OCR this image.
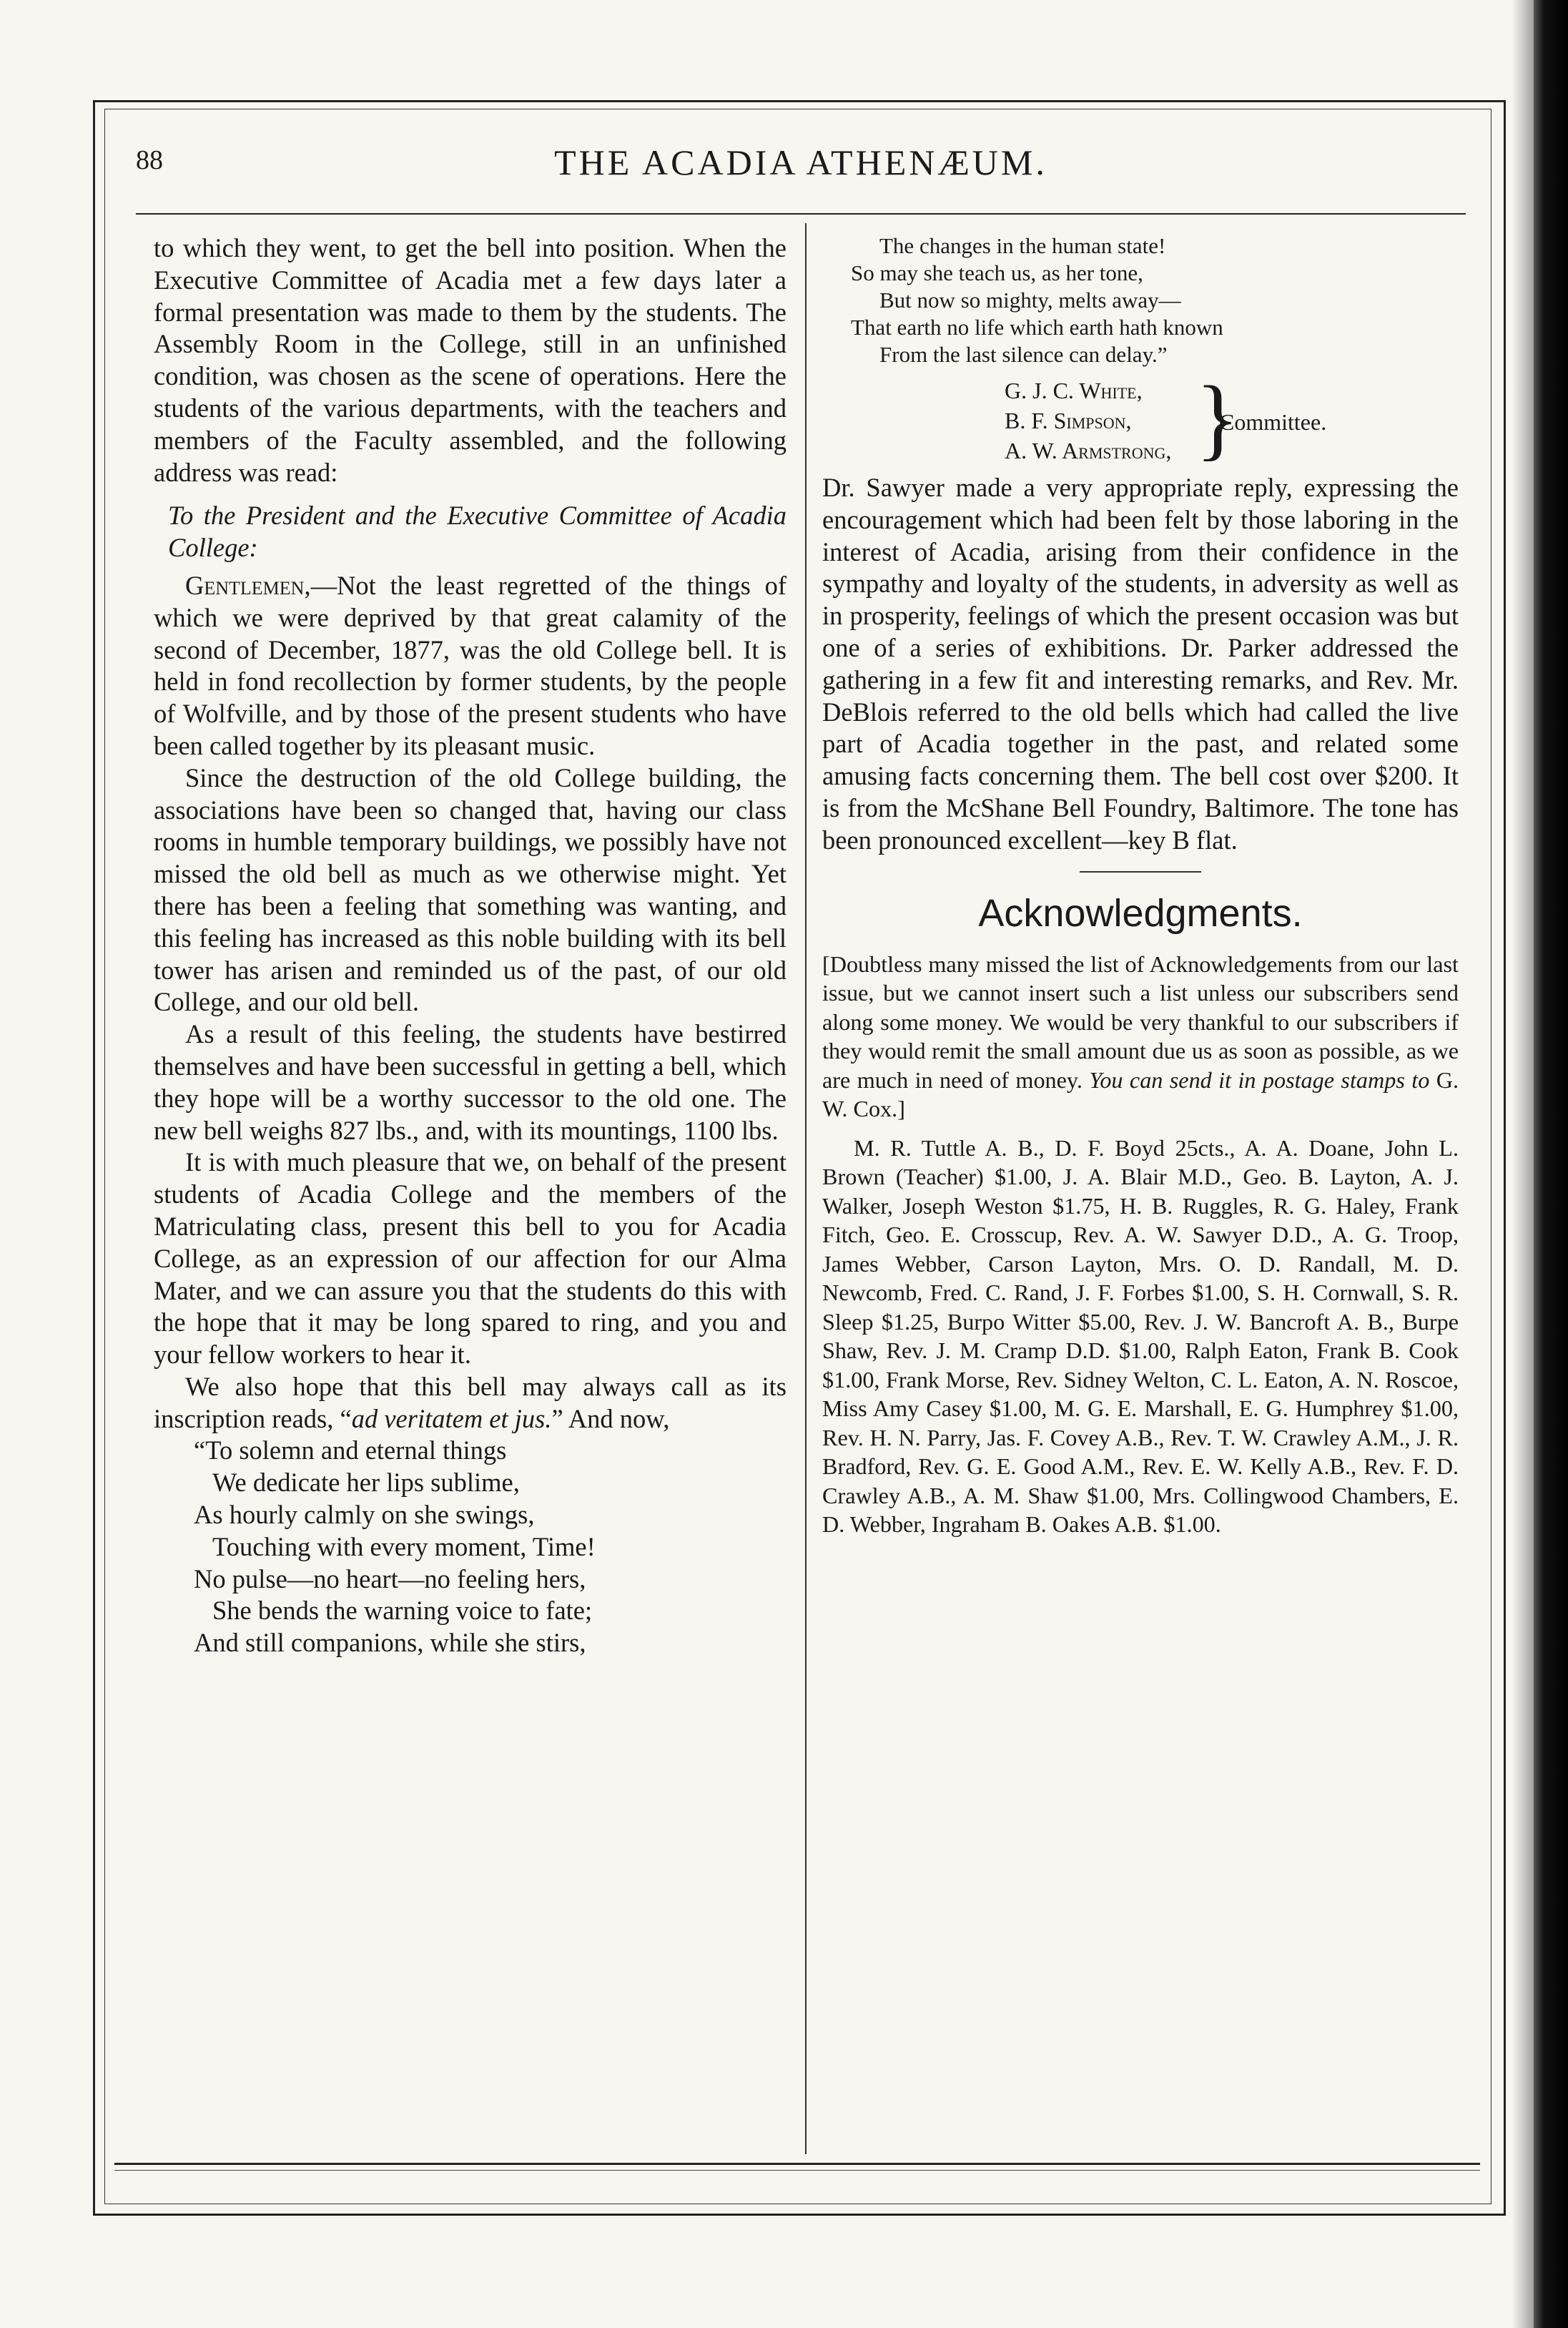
88	THE ACADIA ATHENÆUM.

to which they went, to get the bell into position. When the Executive Committee of Acadia met a few days later a formal presentation was made to them by the students. The Assembly Room in the College, still in an unfinished condition, was chosen as the scene of operations. Here the students of the various departments, with the teachers and members of the Faculty assembled, and the following address was read:

To the President and the Executive Committee of Acadia College:

Gentlemen,—Not the least regretted of the things of which we were deprived by that great calamity of the second of December, 1877, was the old College bell. It is held in fond recollection by former students, by the people of Wolfville, and by those of the present students who have been called together by its pleasant music.

Since the destruction of the old College building, the associations have been so changed that, having our class rooms in humble temporary buildings, we possibly have not missed the old bell as much as we otherwise might. Yet there has been a feeling that something was wanting, and this feeling has increased as this noble building with its bell tower has arisen and reminded us of the past, of our old College, and our old bell.

As a result of this feeling, the students have bestirred themselves and have been successful in getting a bell, which they hope will be a worthy successor to the old one. The new bell weighs 827 lbs., and, with its mountings, 1100 lbs.

It is with much pleasure that we, on behalf of the present students of Acadia College and the members of the Matriculating class, present this bell to you for Acadia College, as an expression of our affection for our Alma Mater, and we can assure you that the students do this with the hope that it may be long spared to ring, and you and your fellow workers to hear it.

We also hope that this bell may always call as its inscription reads, “ad veritatem et jus.” And now,

“To solemn and eternal things
We dedicate her lips sublime,
As hourly calmly on she swings,
Touching with every moment, Time!
No pulse—no heart—no feeling hers,
She bends the warning voice to fate;
And still companions, while she stirs,
The changes in the human state!
So may she teach us, as her tone,
But now so mighty, melts away—
That earth no life which earth hath known
From the last silence can delay.”
G. J. C. White,
B. F. Simpson,
A. W. Armstrong, }
Committee.

Dr. Sawyer made a very appropriate reply, expressing the encouragement which had been felt by those laboring in the interest of Acadia, arising from their confidence in the sympathy and loyalty of the students, in adversity as well as in prosperity, feelings of which the present occasion was but one of a series of exhibitions. Dr. Parker addressed the gathering in a few fit and interesting remarks, and Rev. Mr. DeBlois referred to the old bells which had called the live part of Acadia together in the past, and related some amusing facts concerning them. The bell cost over $200. It is from the McShane Bell Foundry, Baltimore. The tone has been pronounced excellent—key B flat.

Acknowledgments.

[Doubtless many missed the list of Acknowledgements from our last issue, but we cannot insert such a list unless our subscribers send along some money. We would be very thankful to our subscribers if they would remit the small amount due us as soon as possible, as we are much in need of money. You can send it in postage stamps to G. W. Cox.]

M. R. Tuttle A. B., D. F. Boyd 25cts., A. A. Doane, John L. Brown (Teacher) $1.00, J. A. Blair M.D., Geo. B. Layton, A. J. Walker, Joseph Weston $1.75, H. B. Ruggles, R. G. Haley, Frank Fitch, Geo. E. Crosscup, Rev. A. W. Sawyer D.D., A. G. Troop, James Webber, Carson Layton, Mrs. O. D. Randall, M. D. Newcomb, Fred. C. Rand, J. F. Forbes $1.00, S. H. Cornwall, S. R. Sleep $1.25, Burpo Witter $5.00, Rev. J. W. Bancroft A. B., Burpe Shaw, Rev. J. M. Cramp D.D. $1.00, Ralph Eaton, Frank B. Cook $1.00, Frank Morse, Rev. Sidney Welton, C. L. Eaton, A. N. Roscoe, Miss Amy Casey $1.00, M. G. E. Marshall, E. G. Humphrey $1.00, Rev. H. N. Parry, Jas. F. Covey A.B., Rev. T. W. Crawley A.M., J. R. Bradford, Rev. G. E. Good A.M., Rev. E. W. Kelly A.B., Rev. F. D. Crawley A.B., A. M. Shaw $1.00, Mrs. Collingwood Chambers, E. D. Webber, Ingraham B. Oakes A.B. $1.00.
